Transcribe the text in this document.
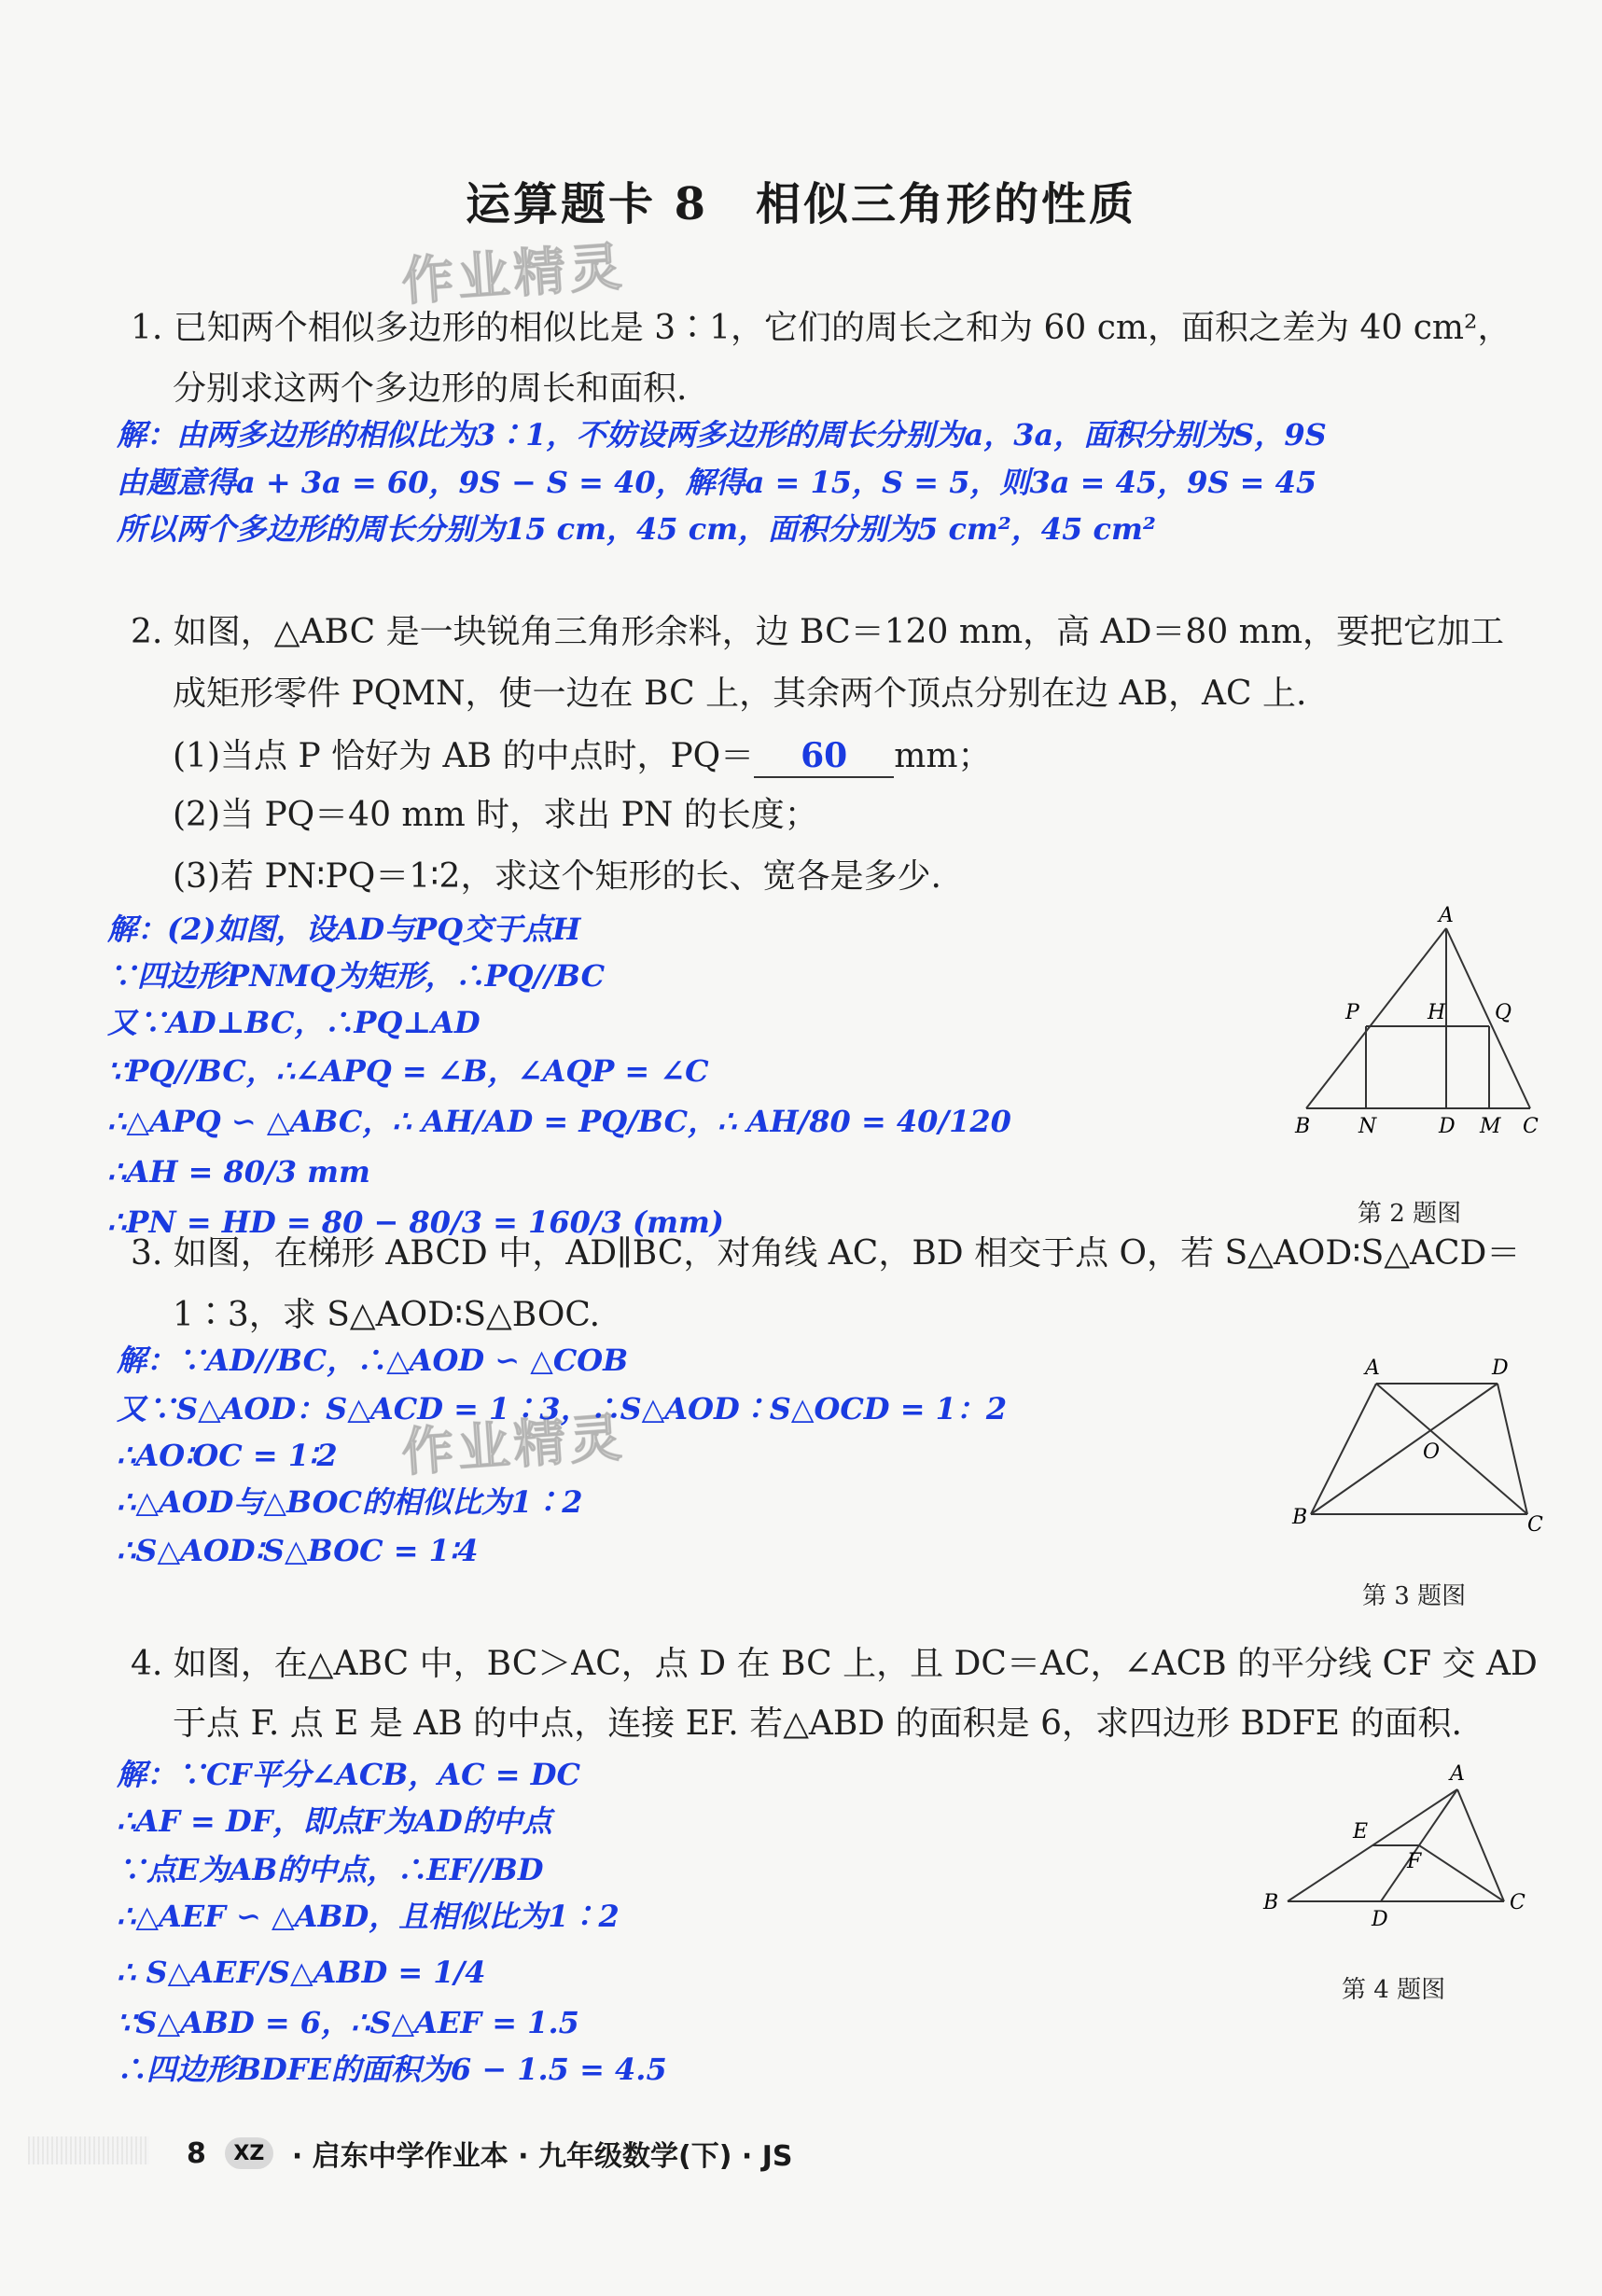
运算题卡 8　相似三角形的性质
作业精灵
作业精灵
1. 已知两个相似多边形的相似比是 3∶1，它们的周长之和为 60 cm，面积之差为 40 cm²，
分别求这两个多边形的周长和面积.
解：由两多边形的相似比为3∶1，不妨设两多边形的周长分别为a，3a，面积分别为S，9S
由题意得a + 3a = 60，9S − S = 40，解得a = 15，S = 5，则3a = 45，9S = 45
所以两个多边形的周长分别为15 cm，45 cm，面积分别为5 cm²，45 cm²
2. 如图，△ABC 是一块锐角三角形余料，边 BC＝120 mm，高 AD＝80 mm，要把它加工
成矩形零件 PQMN，使一边在 BC 上，其余两个顶点分别在边 AB，AC 上.
(1)当点 P 恰好为 AB 的中点时，PQ＝ 60 mm；
(2)当 PQ＝40 mm 时，求出 PN 的长度；
(3)若 PN∶PQ＝1∶2，求这个矩形的长、宽各是多少.
解：(2)如图，设AD与PQ交于点H
∵四边形PNMQ为矩形，∴PQ//BC
又∵AD⊥BC，∴PQ⊥AD
∵PQ//BC，∴∠APQ = ∠B，∠AQP = ∠C
∴△APQ ∽ △ABC，∴ AH/AD = PQ/BC，∴ AH/80 = 40/120
∴AH = 80/3 mm
∴PN = HD = 80 − 80/3 = 160/3 (mm)
A
P	H Q
B N	D M C
第 2 题图
3. 如图，在梯形 ABCD 中，AD∥BC，对角线 AC，BD 相交于点 O，若 S△AOD∶S△ACD＝
1∶3，求 S△AOD∶S△BOC.
解：∵AD//BC，∴△AOD ∽ △COB
又∵S△AOD：S△ACD = 1∶3，∴S△AOD∶S△OCD = 1：2
∴AO∶OC = 1∶2
∴△AOD与△BOC的相似比为1∶2
∴S△AOD∶S△BOC = 1∶4
A	D
O
B	C
第 3 题图
4. 如图，在△ABC 中，BC＞AC，点 D 在 BC 上，且 DC＝AC，∠ACB 的平分线 CF 交 AD
于点 F. 点 E 是 AB 的中点，连接 EF. 若△ABD 的面积是 6，求四边形 BDFE 的面积.
解：∵CF平分∠ACB，AC = DC
∴AF = DF，即点F为AD的中点
∵点E为AB的中点，∴EF//BD
∴△AEF ∽ △ABD，且相似比为1∶2
∴ S△AEF/S△ABD = 1/4
∵S△ABD = 6，∴S△AEF = 1.5
∴四边形BDFE的面积为6 − 1.5 = 4.5
A
E
F
B
D
C
第 4 题图
8	XZ · 启东中学作业本 · 九年级数学(下) · JS
